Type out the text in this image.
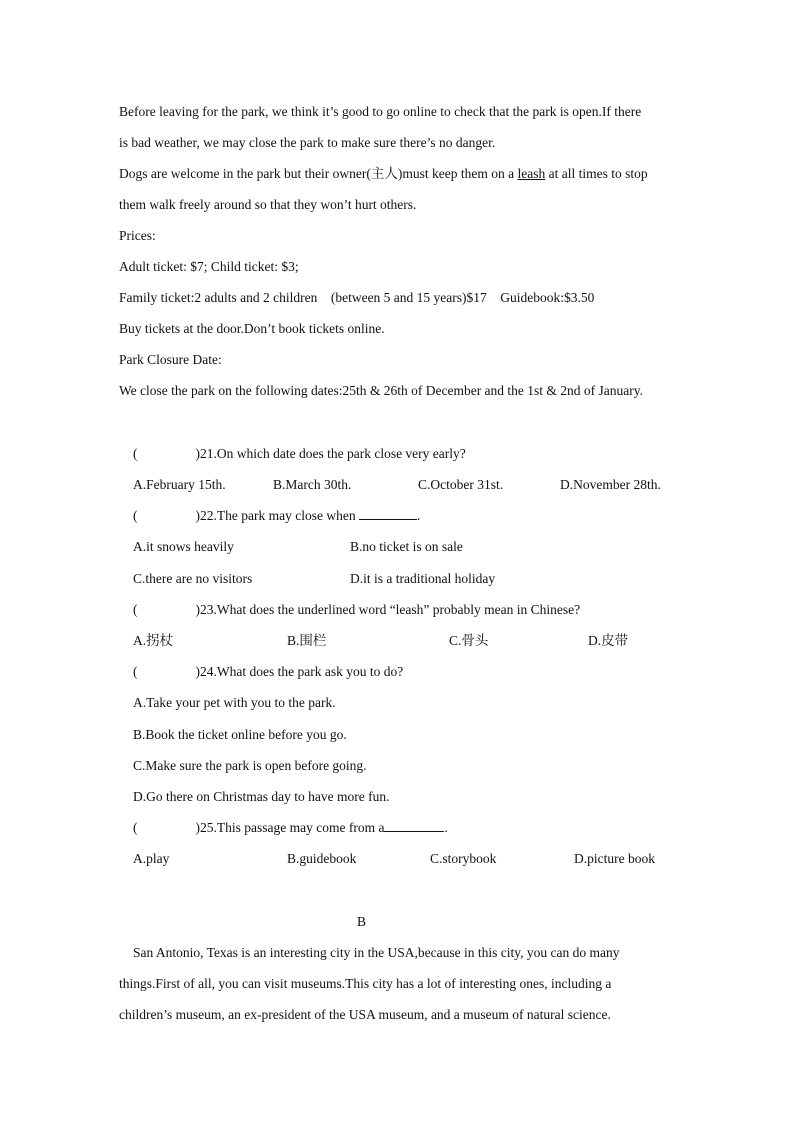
Before leaving for the park, we think it’s good to go online to check that the park is open.If there
is bad weather, we may close the park to make sure there’s no danger.
Dogs are welcome in the park but their owner(主人)must keep them on a leash at all times to stop
them walk freely around so that they won’t hurt others.
Prices:
Adult ticket: $7; Child ticket: $3;
Family ticket:2 adults and 2 children    (between 5 and 15 years)$17    Guidebook:$3.50
Buy tickets at the door.Don’t book tickets online.
Park Closure Date:
We close the park on the following dates:25th & 26th of December and the 1st & 2nd of January.
(	)21.On which date does the park close very early?
A.February 15th.	B.March 30th.	C.October 31st.	D.November 28th.
(	)22.The park may close when	.
A.it snows heavily	B.no ticket is on sale
C.there are no visitors	D.it is a traditional holiday
(	)23.What does the underlined word “leash” probably mean in Chinese?
A.拐杖	B.围栏	C.骨头	D.皮带
(	)24.What does the park ask you to do?
A.Take your pet with you to the park.
B.Book the ticket online before you go.
C.Make sure the park is open before going.
D.Go there on Christmas day to have more fun.
(	)25.This passage may come from a	.
A.play	B.guidebook	C.storybook	D.picture book
B
San Antonio, Texas is an interesting city in the USA,because in this city, you can do many
things.First of all, you can visit museums.This city has a lot of interesting ones, including a
children’s museum, an ex-president of the USA museum, and a museum of natural science.
